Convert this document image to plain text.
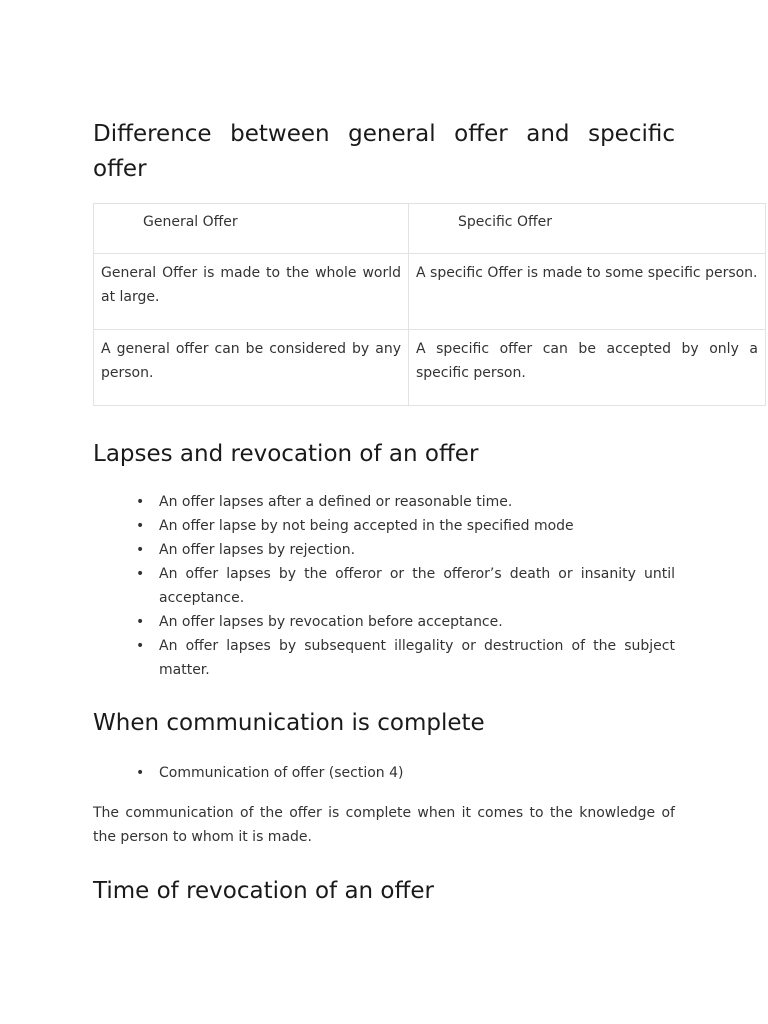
Difference between general offer and specific offer
General Offer	Specific Offer
General Offer is made to the whole world at large.	A specific Offer is made to some specific person.
A general offer can be considered by any person.	A specific offer can be accepted by only a specific person.
Lapses and revocation of an offer
• An offer lapses after a defined or reasonable time.
• An offer lapse by not being accepted in the specified mode
• An offer lapses by rejection.
• An offer lapses by the offeror or the offeror’s death or insanity until acceptance.
• An offer lapses by revocation before acceptance.
• An offer lapses by subsequent illegality or destruction of the subject matter.
When communication is complete
• Communication of offer (section 4)

The communication of the offer is complete when it comes to the knowledge of the person to whom it is made.

Time of revocation of an offer
